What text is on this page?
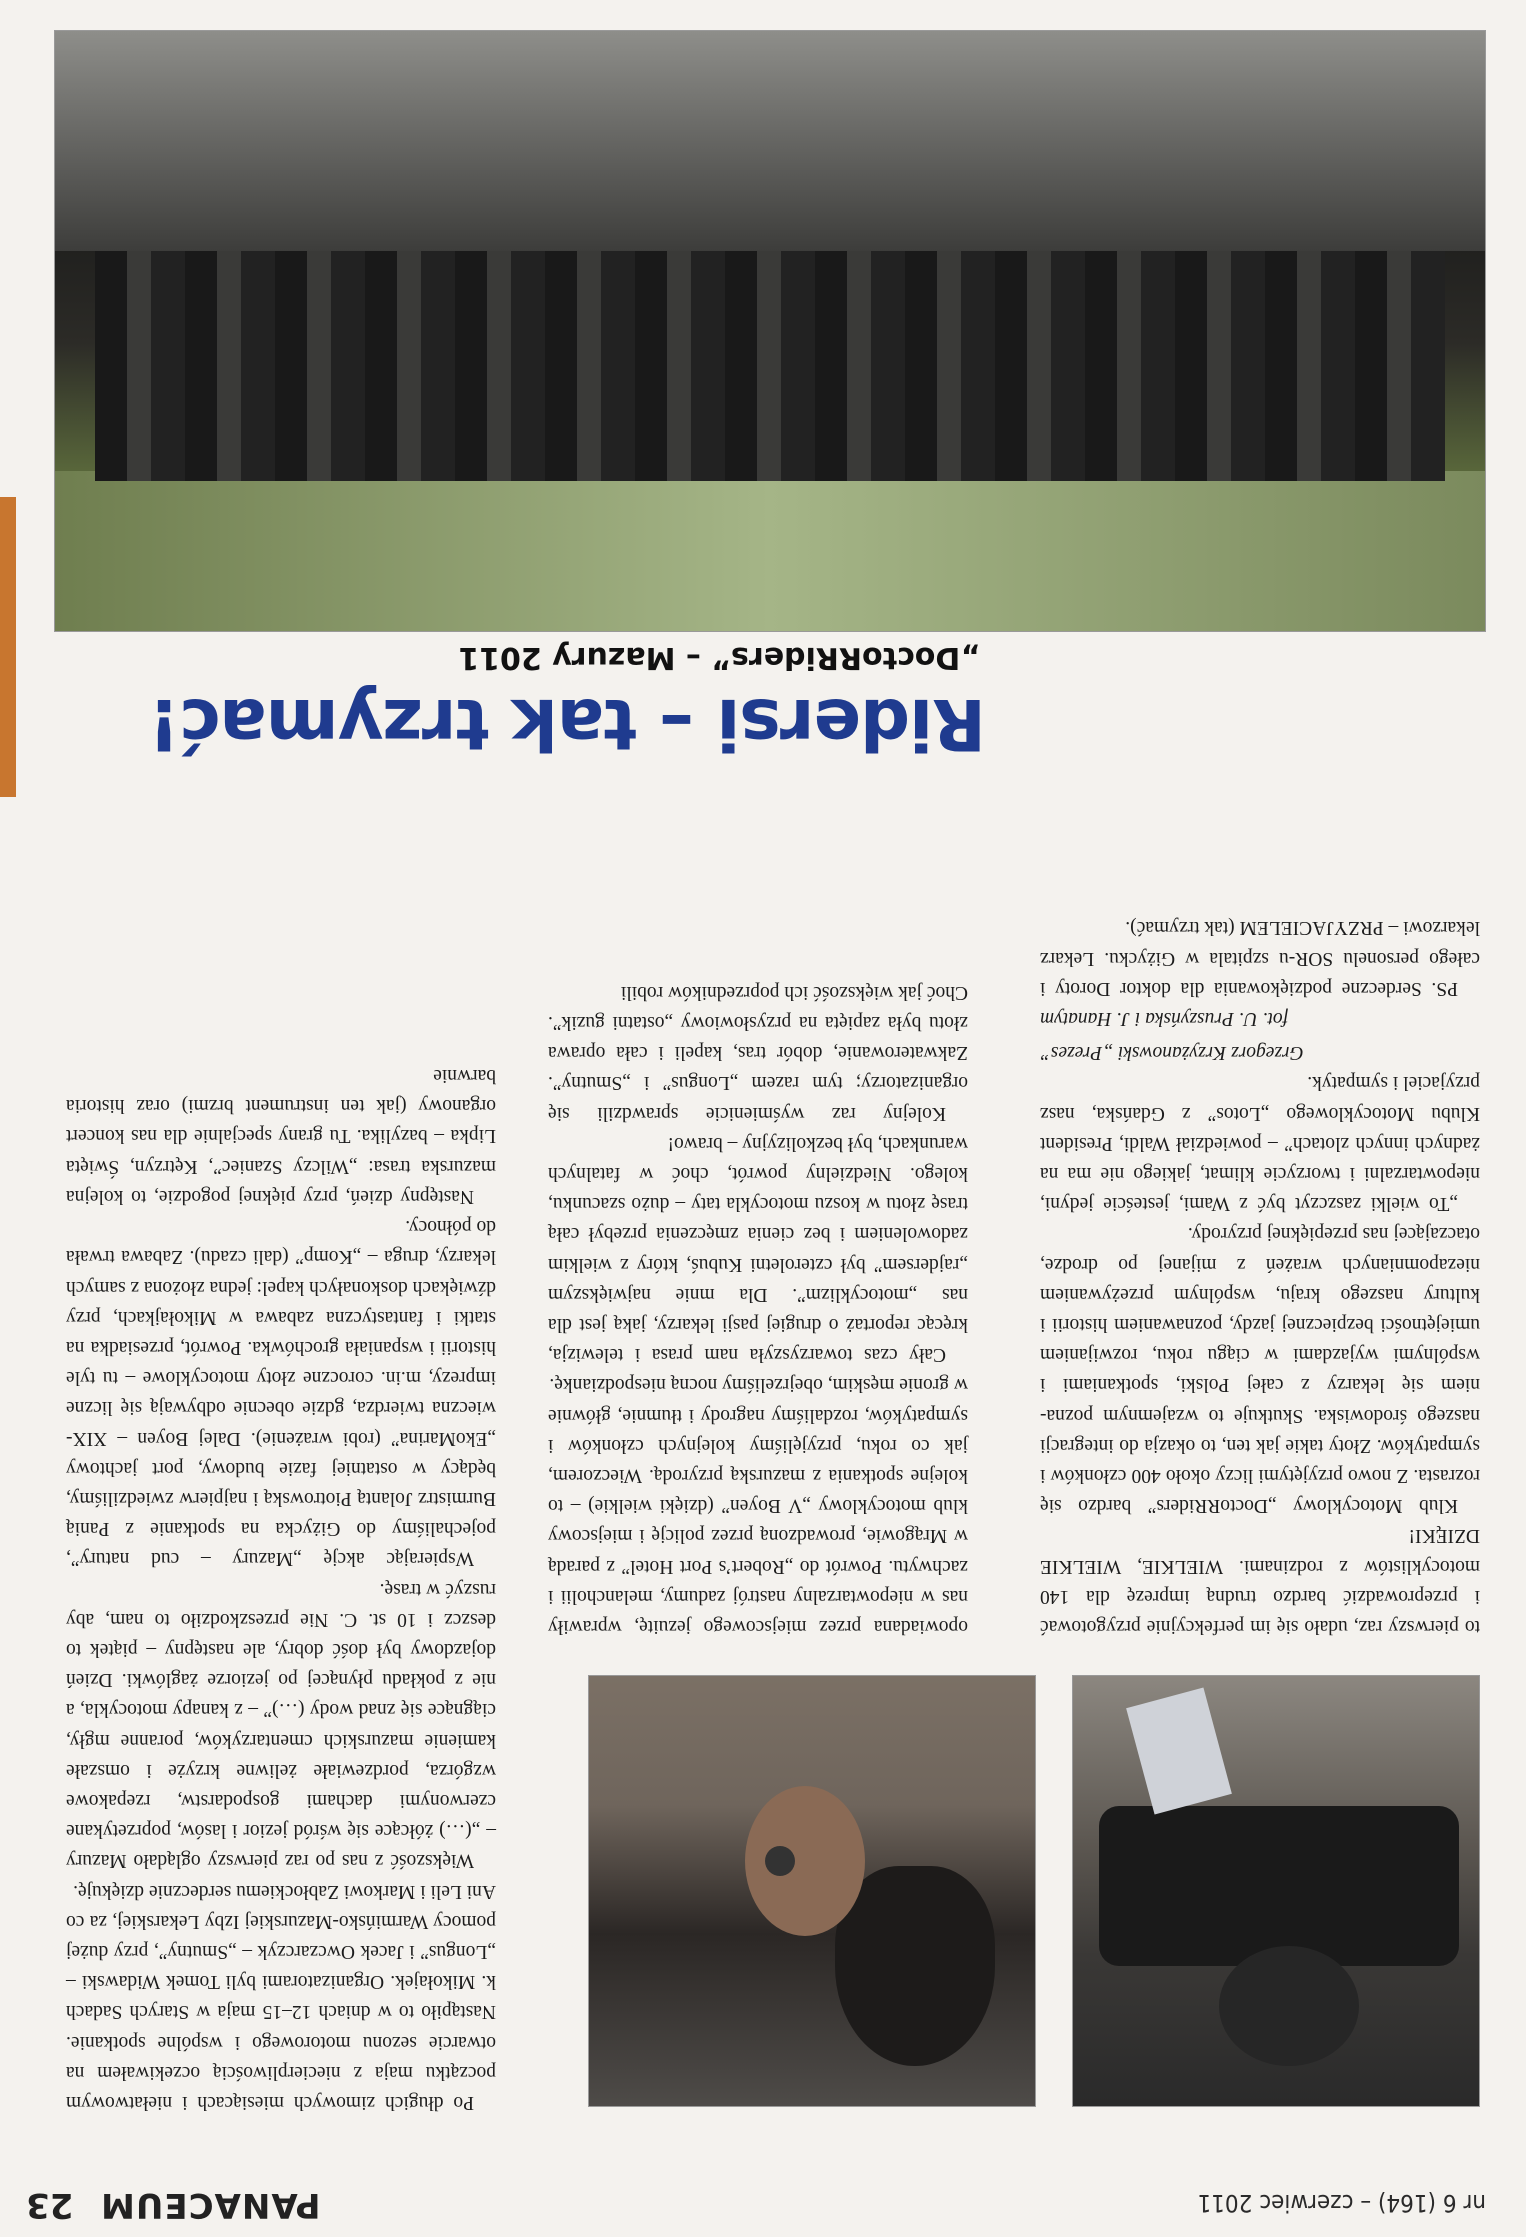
nr 6 (164) – czerwiec 2011
PANACEUM
23

Po długich zimowych miesiącach i niełatwowym początku maja z niecierpliwością oczekiwałem na otwarcie sezonu motorowego i wspólne spotkanie. Nastąpiło to w dniach 12–15 maja w Starych Sadach k. Mikołajek. Organizatorami byli Tomek Widawski – „Longus” i Jacek Owczarczyk – „Smutny”, przy dużej pomocy Warmińsko-Mazurskiej Izby Lekarskiej, za co Ani Leli i Markowi Zabłockiemu serdecznie dziękuję.

Większość z nas po raz pierwszy oglądało Mazury – „(…) żółcące się wśród jezior i lasów, poprzetykane czerwonymi dachami gospodarstw, rzepakowe wzgórza, pordzewiałe żeliwne krzyże i omszałe kamienie mazurskich cmentarzyków, poranne mgły, ciągnące się znad wody (…)” – z kanapy motocykla, a nie z pokładu płynącej po jeziorze żaglówki. Dzień dojazdowy był dość dobry, ale następny – piątek to deszcz i 10 st. C. Nie przeszkodziło to nam, aby ruszyć w trasę.

Wspierając akcję „Mazury – cud natury”, pojechaliśmy do Giżycka na spotkanie z Panią Burmistrz Jolantą Piotrowską i najpierw zwiedziliśmy, będący w ostatniej fazie budowy, port jachtowy „EkoMarina” (robi wrażenie). Dalej Boyen – XIX-wieczna twierdza, gdzie obecnie odbywają się liczne imprezy, m.in. coroczne złoty motocyklowe – tu tyle historii i wspaniała grochówka. Powrót, przesiadka na statki i fantastyczna zabawa w Mikołajkach, przy dźwiękach doskonałych kapel: jedna złożona z samych lekarzy, druga – „Komp” (dali czadu). Zabawa trwała do północy.

Następny dzień, przy pięknej pogodzie, to kolejna mazurska trasa: „Wilczy Szaniec”, Kętrzyn, Święta Lipka – bazylika. Tu grany specjalnie dla nas koncert organowy (jak ten instrument brzmi) oraz historia barwnie

opowiadana przez miejscowego jezuitę, wprawiły nas w niepowtarzalny nastrój zadumy, melancholii i zachwytu. Powrót do „Robert’s Port Hotel” z paradą w Mrągowie, prowadzoną przez policję i miejscowy klub motocyklowy „V Boyen” (dzięki wielkie) – to kolejne spotkania z mazurską przyrodą. Wieczorem, jak co roku, przyjęliśmy kolejnych członków i sympatyków, rozdaliśmy nagrody i tłumnie, głównie w gronie męskim, obejrzeliśmy nocną niespodziankę.

Cały czas towarzyszyła nam prasa i telewizja, kręcąc reportaż o drugiej pasji lekarzy, jaką jest dla nas „motocyklizm”. Dla mnie największym „rajdersem” był czteroletni Kubuś, który z wielkim zadowoleniem i bez cienia zmęczenia przebył całą trasę złotu w koszu motocykla taty – dużo szacunku, kolego. Niedzielny powrót, choć w fatalnych warunkach, był bezkolizyjny – brawo!

Kolejny raz wyśmienicie sprawdzili się organizatorzy; tym razem „Longus” i „Smutny”. Zakwaterowanie, dobór tras, kapeli i cała oprawa złotu była zapięta na przysłowiowy „ostatni guzik”. Choć jak większość ich poprzedników robili

to pierwszy raz, udało się im perfekcyjnie przygotować i przeprowadzić bardzo trudną imprezę dla 140 motocyklistów z rodzinami. WIELKIE, WIELKIE DZIĘKI!

Klub Motocyklowy „DoctoRRiders” bardzo się rozrasta. Z nowo przyjętymi liczy około 400 członków i sympatyków. Złoty takie jak ten, to okazja do integracji naszego środowiska. Skutkuje to wzajemnym poznaniem się lekarzy z całej Polski, spotkaniami i wspólnymi wyjazdami w ciągu roku, rozwijaniem umiejętności bezpiecznej jazdy, poznawaniem historii i kultury naszego kraju, wspólnym przeżywaniem niezapomnianych wrażeń z mijanej po drodze, otaczającej nas przepięknej przyrody.

„To wielki zaszczyt być z Wami, jesteście jedyni, niepowtarzalni i tworzycie klimat, jakiego nie ma na żadnych innych zlotach” – powiedział Waldi, President Klubu Motocyklowego „Lotos” z Gdańska, nasz przyjaciel i sympatyk.

Grzegorz Krzyżanowski „Prezes”

fot. U. Pruszyńska i J. Hanatym

PS. Serdeczne podziękowania dla doktor Doroty i całego personelu SOR-u szpitala w Giżycku. Lekarz lekarzowi – PRZYJACIELEM (tak trzymać).

Ridersi – tak trzymać!
„DoctoRRiders” – Mazury 2011
